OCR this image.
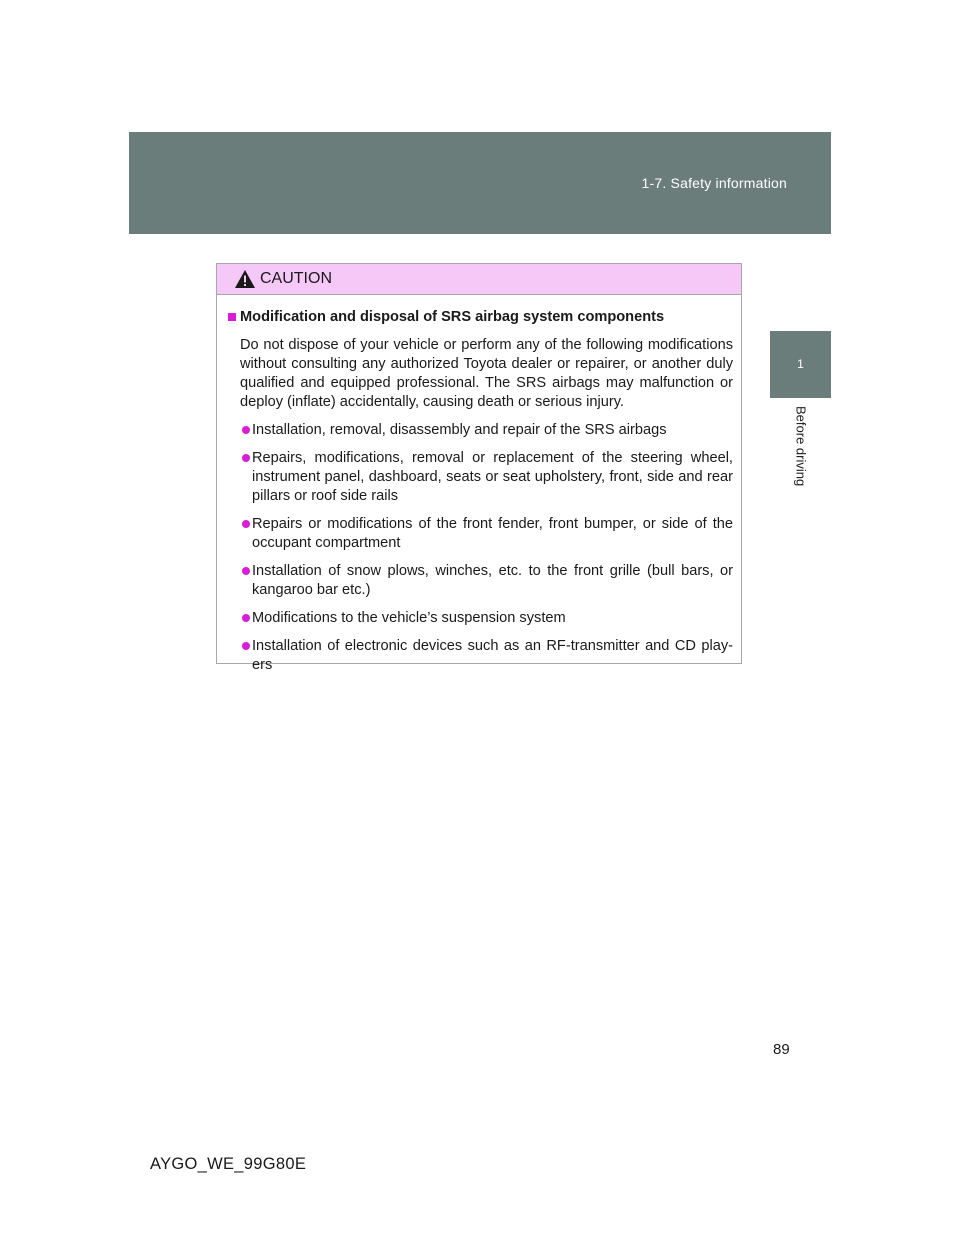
1-7. Safety information
1
Before driving
CAUTION
Modification and disposal of SRS airbag system components

Do not dispose of your vehicle or perform any of the following modifications without consulting any authorized Toyota dealer or repairer, or another duly qualified and equipped professional. The SRS airbags may malfunction or deploy (inflate) accidentally, causing death or serious injury.

Installation, removal, disassembly and repair of the SRS airbags
Repairs, modifications, removal or replacement of the steering wheel, instrument panel, dashboard, seats or seat upholstery, front, side and rear pillars or roof side rails
Repairs or modifications of the front fender, front bumper, or side of the occupant compartment
Installation of snow plows, winches, etc. to the front grille (bull bars, or kangaroo bar etc.)
Modifications to the vehicle’s suspension system
Installation of electronic devices such as an RF-transmitter and CD play-ers
89
AYGO_WE_99G80E
